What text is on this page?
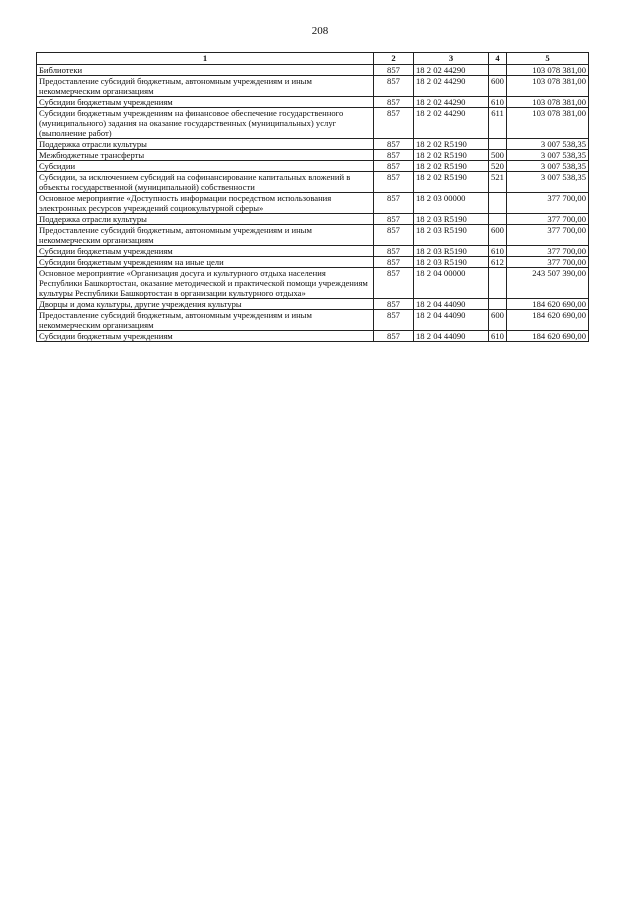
208
1	2	3	4	5
Библиотеки	857	18 2 02 44290		103 078 381,00
Предоставление субсидий бюджетным, автономным учреждениям и иным некоммерческим организациям	857	18 2 02 44290	600	103 078 381,00
Субсидии бюджетным учреждениям	857	18 2 02 44290	610	103 078 381,00
Субсидии бюджетным учреждениям на финансовое обеспечение государственного (муниципального) задания на оказание государственных (муниципальных) услуг (выполнение работ)	857	18 2 02 44290	611	103 078 381,00
Поддержка отрасли культуры	857	18 2 02 R5190		3 007 538,35
Межбюджетные трансферты	857	18 2 02 R5190	500	3 007 538,35
Субсидии	857	18 2 02 R5190	520	3 007 538,35
Субсидии, за исключением субсидий на софинансирование капитальных вложений в объекты государственной (муниципальной) собственности	857	18 2 02 R5190	521	3 007 538,35
Основное мероприятие «Доступность информации посредством использования электронных ресурсов учреждений социокультурной сферы»	857	18 2 03 00000		377 700,00
Поддержка отрасли культуры	857	18 2 03 R5190		377 700,00
Предоставление субсидий бюджетным, автономным учреждениям и иным некоммерческим организациям	857	18 2 03 R5190	600	377 700,00
Субсидии бюджетным учреждениям	857	18 2 03 R5190	610	377 700,00
Субсидии бюджетным учреждениям на иные цели	857	18 2 03 R5190	612	377 700,00
Основное мероприятие «Организация досуга и культурного отдыха населения Республики Башкортостан, оказание методической и практической помощи учреждениям культуры Республики Башкортостан в организации культурного отдыха»	857	18 2 04 00000		243 507 390,00
Дворцы и дома культуры, другие учреждения культуры	857	18 2 04 44090		184 620 690,00
Предоставление субсидий бюджетным, автономным учреждениям и иным некоммерческим организациям	857	18 2 04 44090	600	184 620 690,00
Субсидии бюджетным учреждениям	857	18 2 04 44090	610	184 620 690,00
